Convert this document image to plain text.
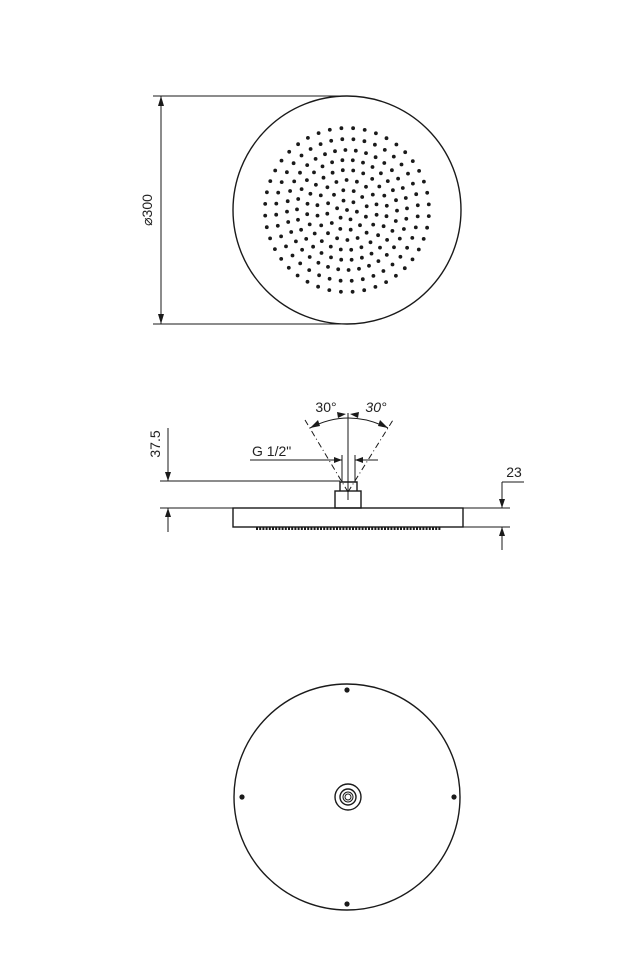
⌀300
30° 30°
G 1/2"
37.5
23
